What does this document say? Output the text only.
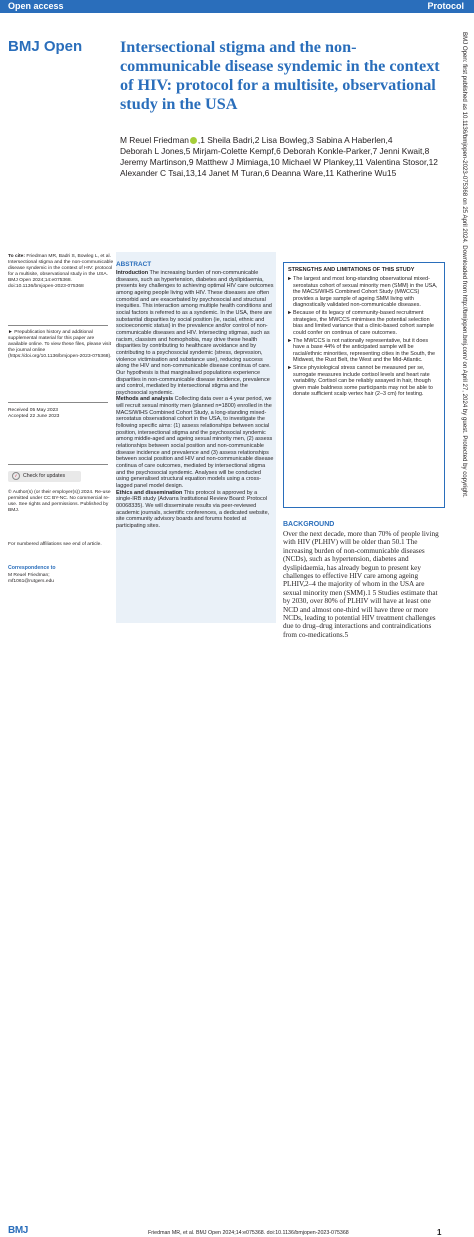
Open access	Protocol
BMJ Open Intersectional stigma and the non-communicable disease syndemic in the context of HIV: protocol for a multisite, observational study in the USA
M Reuel Friedman ,1 Sheila Badri,2 Lisa Bowleg,3 Sabina A Haberlen,4
Deborah L Jones,5 Mirjam-Colette Kempf,6 Deborah Konkle-Parker,7 Jenni Kwait,8
Jeremy Martinson,9 Matthew J Mimiaga,10 Michael W Plankey,11 Valentina Stosor,12
Alexander C Tsai,13,14 Janet M Turan,6 Deanna Ware,11 Katherine Wu15
To cite: Friedman MR, Badri S, Bowleg L, et al. Intersectional stigma and the non-communicable disease syndemic in the context of HIV: protocol for a multisite, observational study in the USA. BMJ Open 2024;14:e075368. doi:10.1136/bmjopen-2023-075368
► Prepublication history and additional supplemental material for this paper are available online. To view these files, please visit the journal online (https://doi.org/10.1136/bmjopen-2023-075368).
Received 05 May 2023
Accepted 22 June 2023
✓ Check for updates
© Author(s) (or their employer(s)) 2024. Re-use permitted under CC BY-NC. No commercial re-use. See rights and permissions. Published by BMJ.
For numbered affiliations see end of article.
Correspondence to
M Reuel Friedman;
mf1061@rutgers.edu
ABSTRACT
Introduction The increasing burden of non-communicable diseases, such as hypertension, diabetes and dyslipidaemia, presents key challenges to achieving optimal HIV care outcomes among ageing people living with HIV. These diseases are often comorbid and are exacerbated by psychosocial and structural inequities. This interaction among multiple health conditions and social factors is referred to as a syndemic. In the USA, there are substantial disparities by social position (ie, racial, ethnic and socioeconomic status) in the prevalence and/or control of non-communicable diseases and HIV. Intersecting stigmas, such as racism, classism and homophobia, may drive these health disparities by contributing to healthcare avoidance and by contributing to a psychosocial syndemic (stress, depression, violence victimisation and substance use), reducing success along the HIV and non-communicable disease continua of care. Our hypothesis is that marginalised populations experience disparities in non-communicable disease incidence, prevalence and control, mediated by intersectional stigma and the psychosocial syndemic.
Methods and analysis Collecting data over a 4 year period, we will recruit sexual minority men (planned n=1800) enrolled in the MACS/WIHS Combined Cohort Study, a long-standing mixed-serostatus observational cohort in the USA, to investigate the following specific aims: (1) assess relationships between social position, intersectional stigma and the psychosocial syndemic among middle-aged and ageing sexual minority men, (2) assess relationships between social position and non-communicable disease incidence and prevalence and (3) assess relationships between social position and HIV and non-communicable disease continua of care outcomes, mediated by intersectional stigma and the psychosocial syndemic. Analyses will be conducted using generalised structural equation models using a cross-lagged panel model design.
Ethics and dissemination This protocol is approved by a single-IRB study (Advarra Institutional Review Board: Protocol 00068335). We will disseminate results via peer-reviewed academic journals, scientific conferences, a dedicated website, site community advisory boards and forums hosted at participating sites.
STRENGTHS AND LIMITATIONS OF THIS STUDY
► The largest and most long-standing observational mixed-serostatus cohort of sexual minority men (SMM) in the USA, the MACS/WIHS Combined Cohort Study (MWCCS) provides a large sample of ageing SMM living with diagnostically validated non-communicable diseases.
► Because of its legacy of community-based recruitment strategies, the MWCCS minimises the potential selection bias and limited variance that a clinic-based cohort sample could confer on continua of care outcomes.
► The MWCCS is not nationally representative, but it does have a base 44% of the anticipated sample will be racial/ethnic minorities, representing cities in the South, the Midwest, the Rust Belt, the West and the Mid-Atlantic.
► Since physiological stress cannot be measured per se, surrogate measures include cortisol levels and heart rate variability. Cortisol can be reliably assayed in hair, though given male baldness some participants may not be able to donate sufficient scalp vertex hair (2–3 cm) for testing.
BACKGROUND
Over the next decade, more than 70% of people living with HIV (PLHIV) will be older than 50.1 The increasing burden of non-communicable diseases (NCDs), such as hypertension, diabetes and dyslipidaemia, has already begun to present key challenges to effective HIV care among ageing PLHIV,2–4 the majority of whom in the USA are sexual minority men (SMM).1 5 Studies estimate that by 2030, over 80% of PLHIV will have at least one NCD and almost one-third will have three or more NCDs, leading to potential HIV treatment challenges due to drug–drug interactions and contraindications from co-medications.5
BMJ	Friedman MR, et al. BMJ Open 2024;14:e075368. doi:10.1136/bmjopen-2023-075368	1
BMJ Open: first published as 10.1136/bmjopen-2023-075368 on 25 April 2024. Downloaded from http://bmjopen.bmj.com/ on April 27, 2024 by guest. Protected by copyright.
